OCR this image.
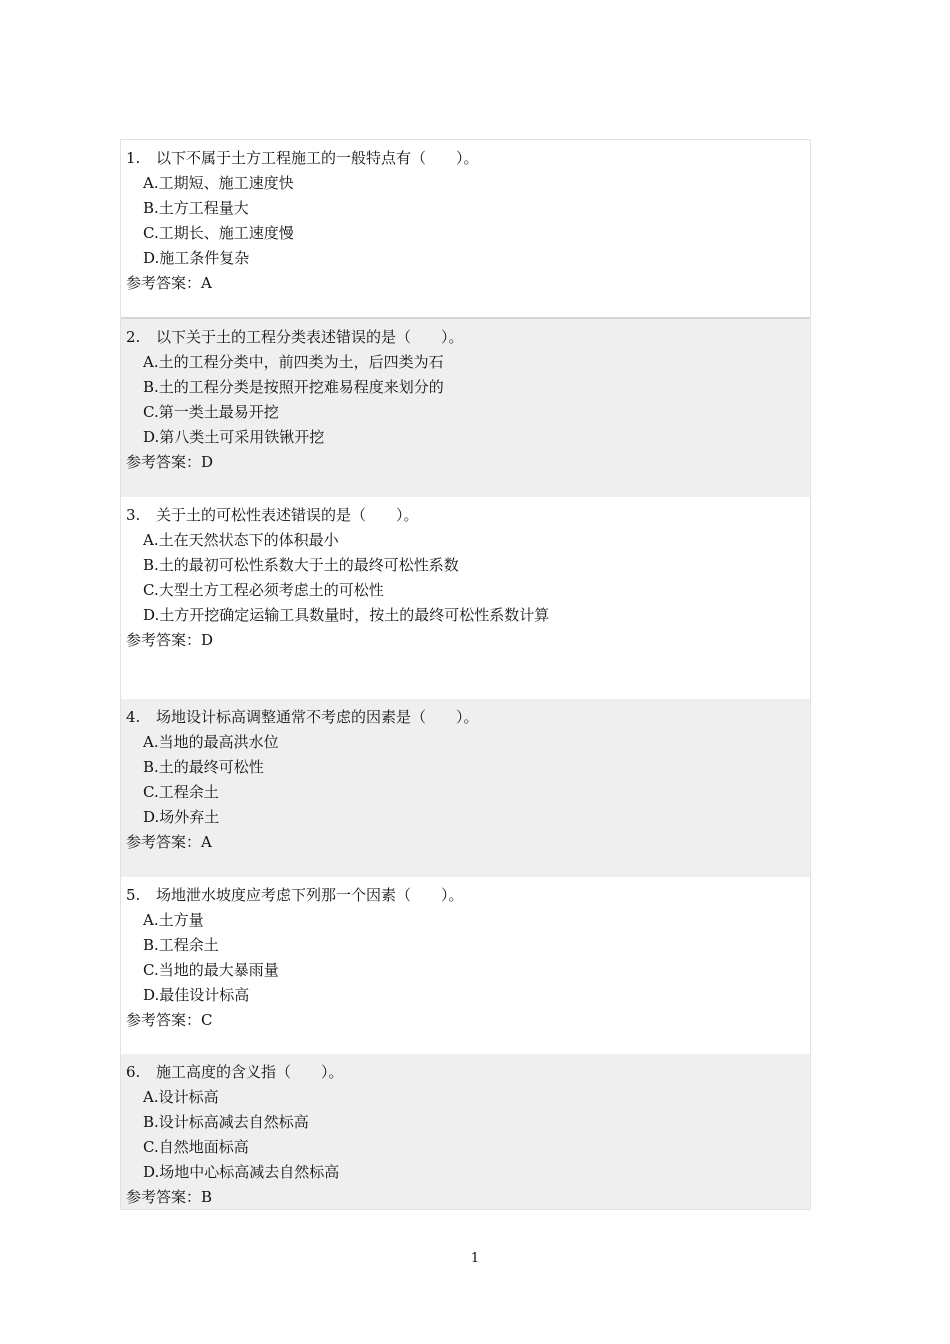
1. 以下不属于土方工程施工的一般特点有（　　）。
A.工期短、施工速度快
B.土方工程量大
C.工期长、施工速度慢
D.施工条件复杂
参考答案：A
2. 以下关于土的工程分类表述错误的是（　　）。
A.土的工程分类中，前四类为土，后四类为石
B.土的工程分类是按照开挖难易程度来划分的
C.第一类土最易开挖
D.第八类土可采用铁锹开挖
参考答案：D
3. 关于土的可松性表述错误的是（　　）。
A.土在天然状态下的体积最小
B.土的最初可松性系数大于土的最终可松性系数
C.大型土方工程必须考虑土的可松性
D.土方开挖确定运输工具数量时，按土的最终可松性系数计算
参考答案：D
4. 场地设计标高调整通常不考虑的因素是（　　）。
A.当地的最高洪水位
B.土的最终可松性
C.工程余土
D.场外弃土
参考答案：A
5. 场地泄水坡度应考虑下列那一个因素（　　）。
A.土方量
B.工程余土
C.当地的最大暴雨量
D.最佳设计标高
参考答案：C
6. 施工高度的含义指（　　）。
A.设计标高
B.设计标高减去自然标高
C.自然地面标高
D.场地中心标高减去自然标高
参考答案：B
1
